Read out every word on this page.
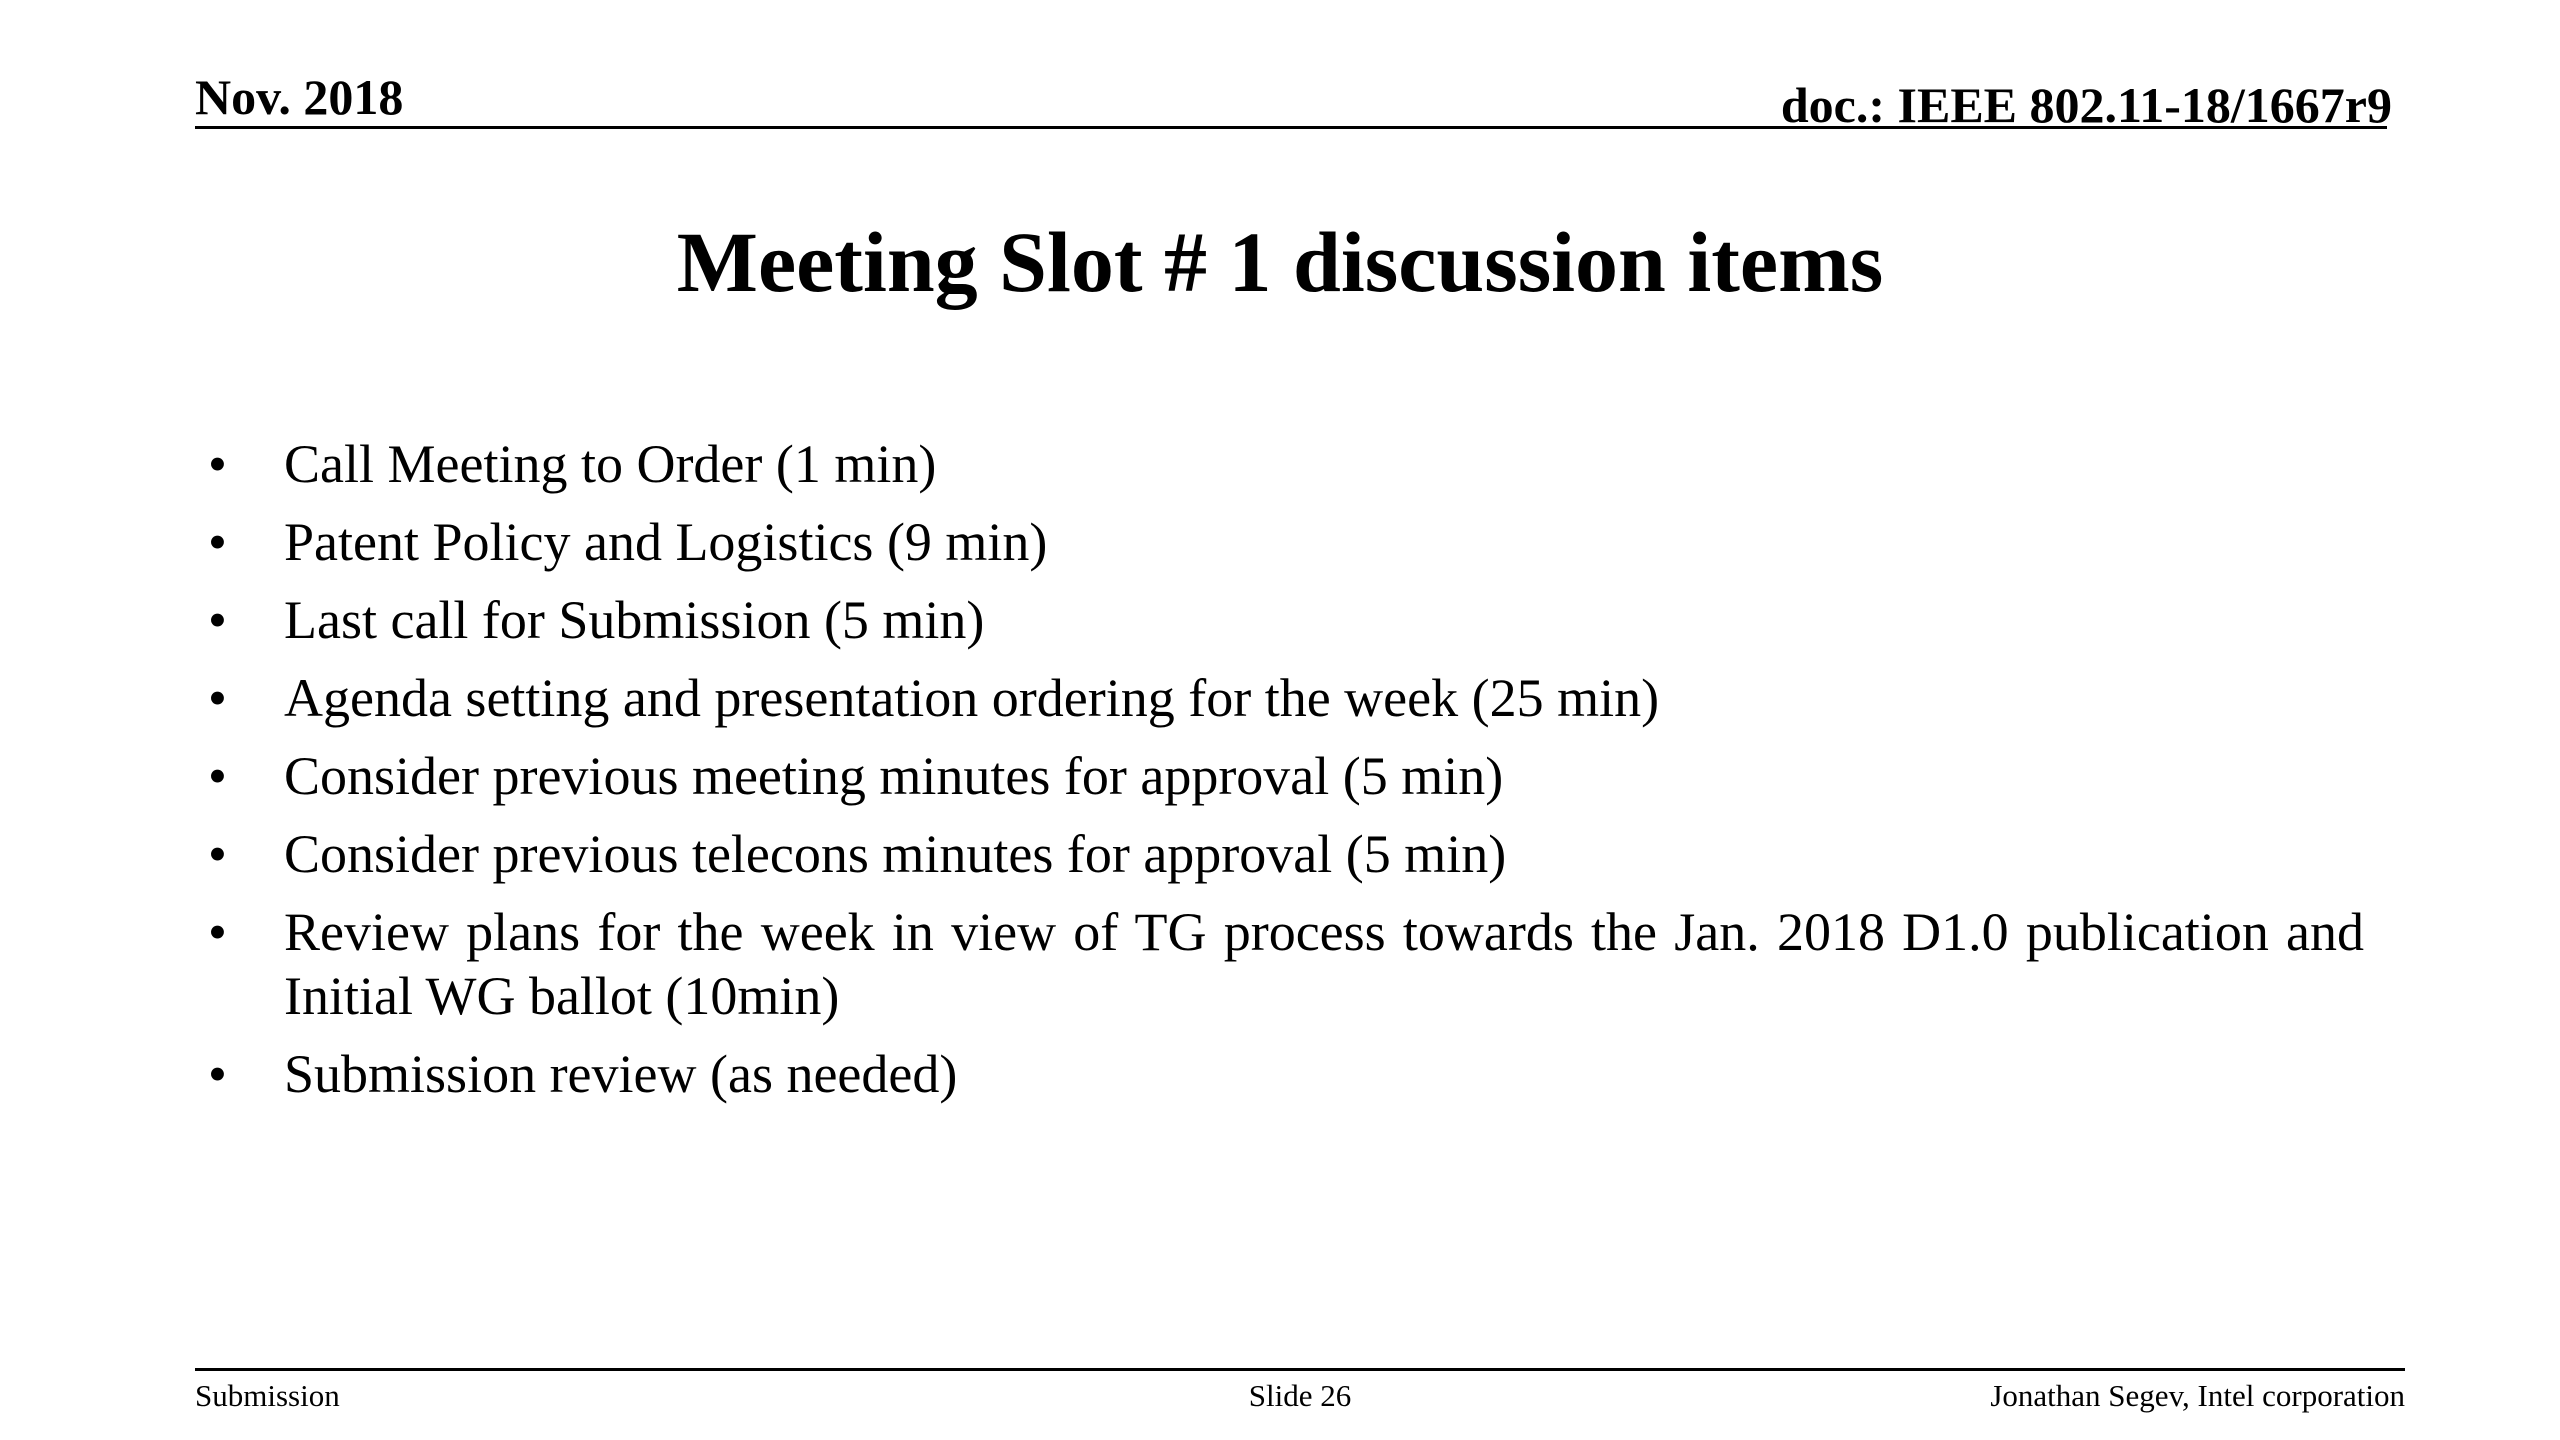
Nov. 2018	doc.: IEEE 802.11-18/1667r9
Meeting Slot # 1 discussion items
• Call Meeting to Order (1 min)
• Patent Policy and Logistics (9 min)
• Last call for Submission (5 min)
• Agenda setting and presentation ordering for the week (25 min)
• Consider previous meeting minutes for approval (5 min)
• Consider previous telecons minutes for approval (5 min)
• Review plans for the week in view of TG process towards the Jan. 2018 D1.0 publication and Initial WG ballot (10min)
• Submission review (as needed)
Submission	Slide 26	Jonathan Segev, Intel corporation
